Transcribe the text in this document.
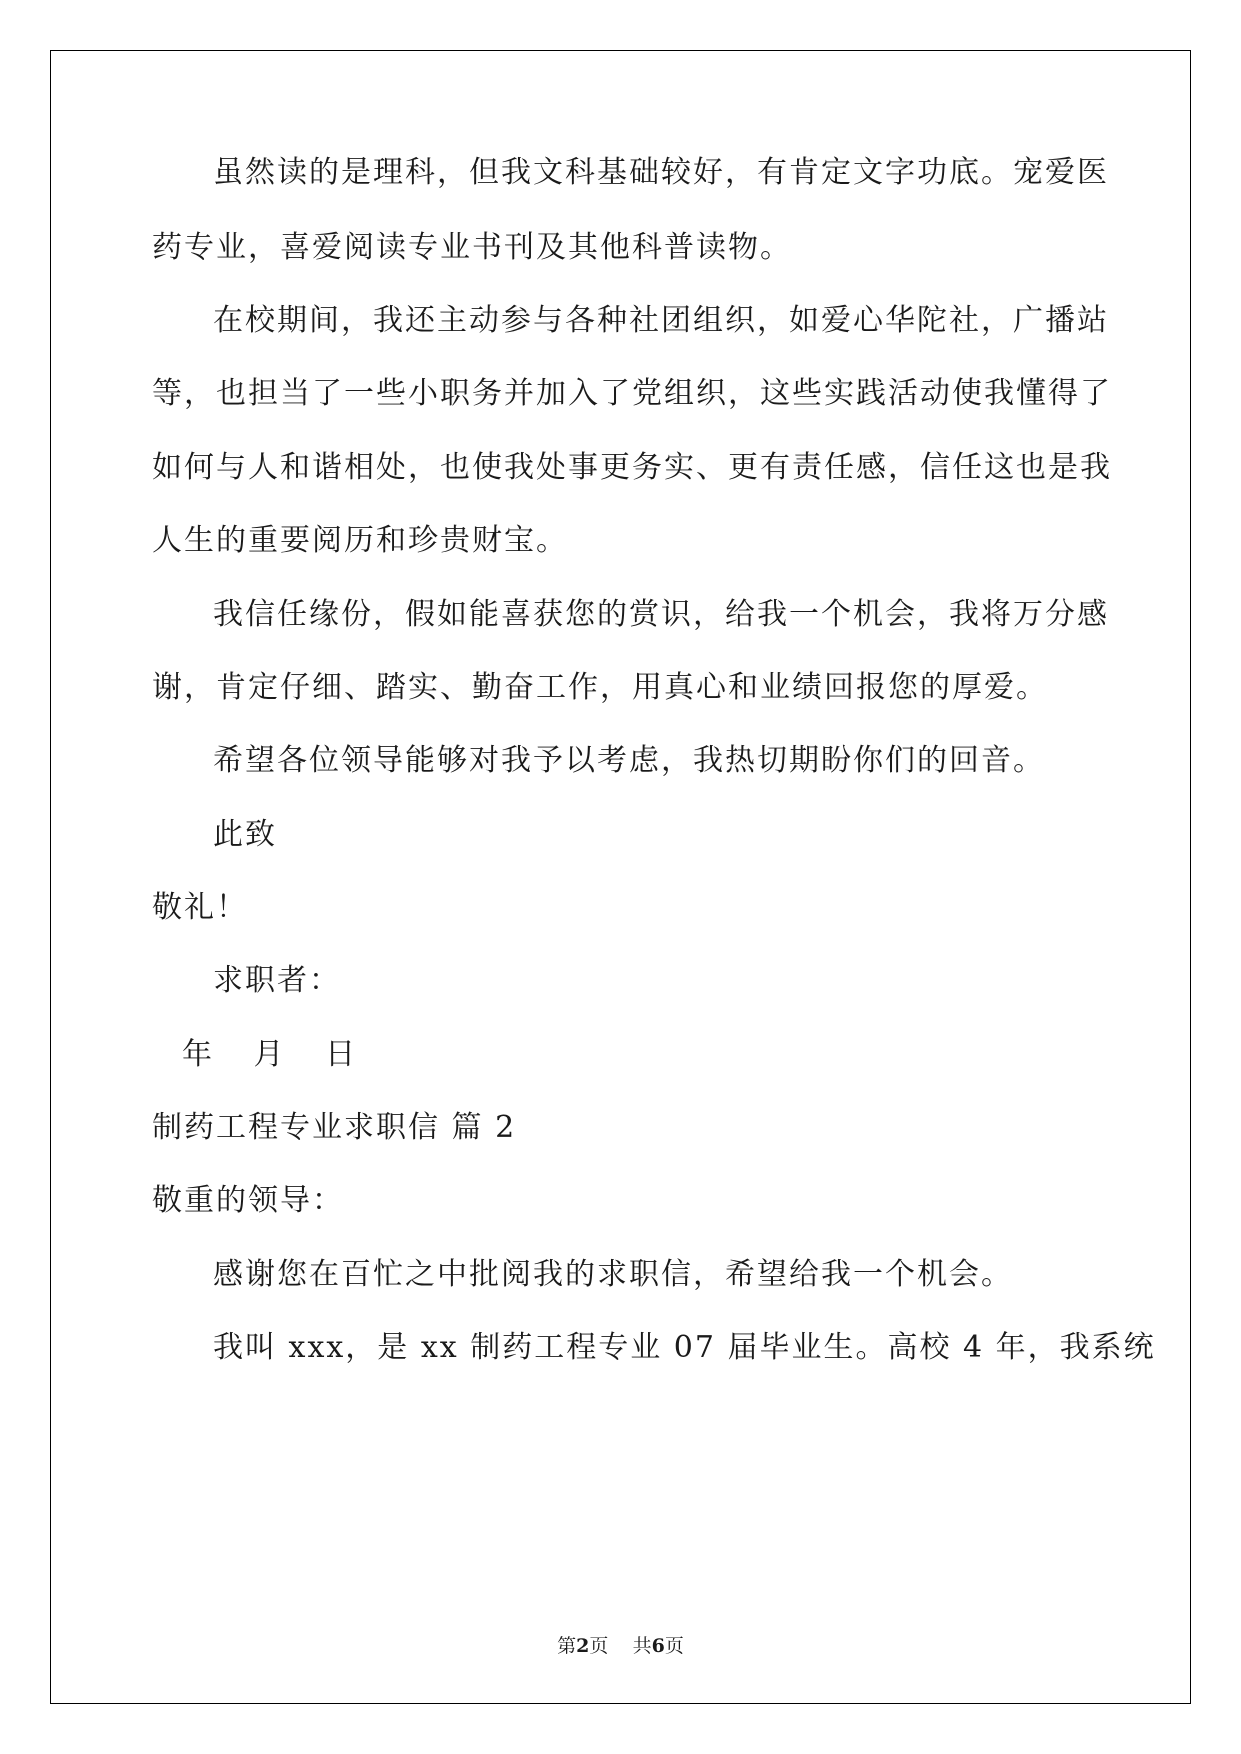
虽然读的是理科，但我文科基础较好，有肯定文字功底。宠爱医
药专业，喜爱阅读专业书刊及其他科普读物。
在校期间，我还主动参与各种社团组织，如爱心华陀社，广播站
等，也担当了一些小职务并加入了党组织，这些实践活动使我懂得了
如何与人和谐相处，也使我处事更务实、更有责任感，信任这也是我
人生的重要阅历和珍贵财宝。
我信任缘份，假如能喜获您的赏识，给我一个机会，我将万分感
谢，肯定仔细、踏实、勤奋工作，用真心和业绩回报您的厚爱。
希望各位领导能够对我予以考虑，我热切期盼你们的回音。
此致
敬礼！
求职者：
年 月 日
制药工程专业求职信 篇 2
敬重的领导：
感谢您在百忙之中批阅我的求职信，希望给我一个机会。
我叫 xxx，是 xx 制药工程专业 07 届毕业生。高校 4 年，我系统
第2页 共6页
